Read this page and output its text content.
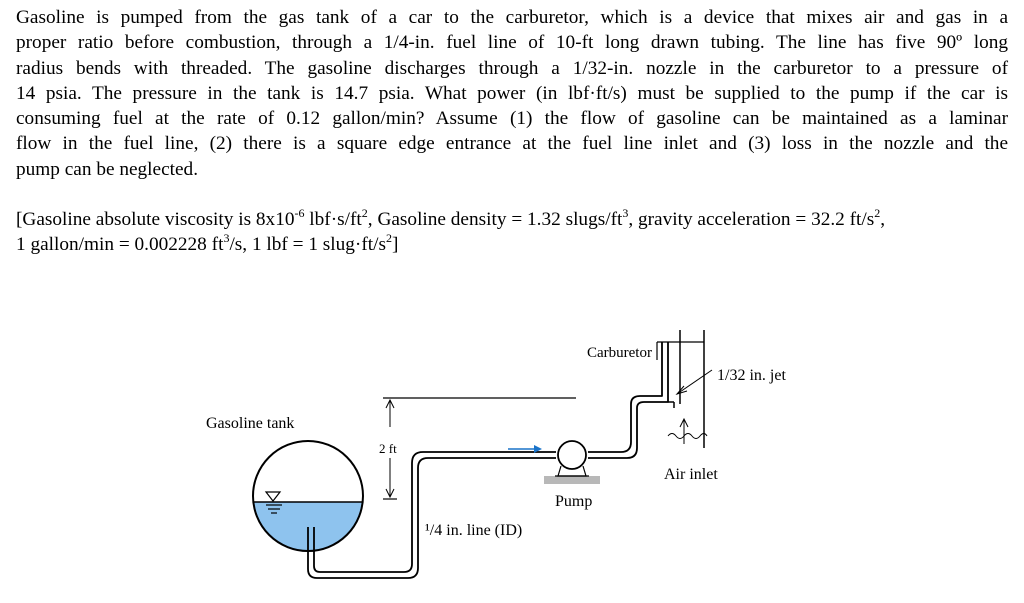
Gasoline is pumped from the gas tank of a car to the carburetor, which is a device that mixes air and gas in a
proper ratio before combustion, through a 1/4-in. fuel line of 10-ft long drawn tubing. The line has five 90º long
radius bends with threaded. The gasoline discharges through a 1/32-in. nozzle in the carburetor to a pressure of
14 psia. The pressure in the tank is 14.7 psia. What power (in lbf·ft/s) must be supplied to the pump if the car is
consuming fuel at the rate of 0.12 gallon/min? Assume (1) the flow of gasoline can be maintained as a laminar
flow in the fuel line, (2) there is a square edge entrance at the fuel line inlet and (3) loss in the nozzle and the
pump can be neglected.
[Gasoline absolute viscosity is $8x10^{-6}$ $lbf\cdot s/ft^2$, Gasoline density = 1.32 slugs/$ft^3$, gravity acceleration = 32.2 $ft/s^2$,
1 gallon/min = 0.002228 $ft^3/s$, 1 lbf = 1 $slug\cdot ft/s^2$]
Gasoline tank
2 ft
¹/4 in. line (ID)
Pump
Carburetor
1/32 in. jet
Air inlet
